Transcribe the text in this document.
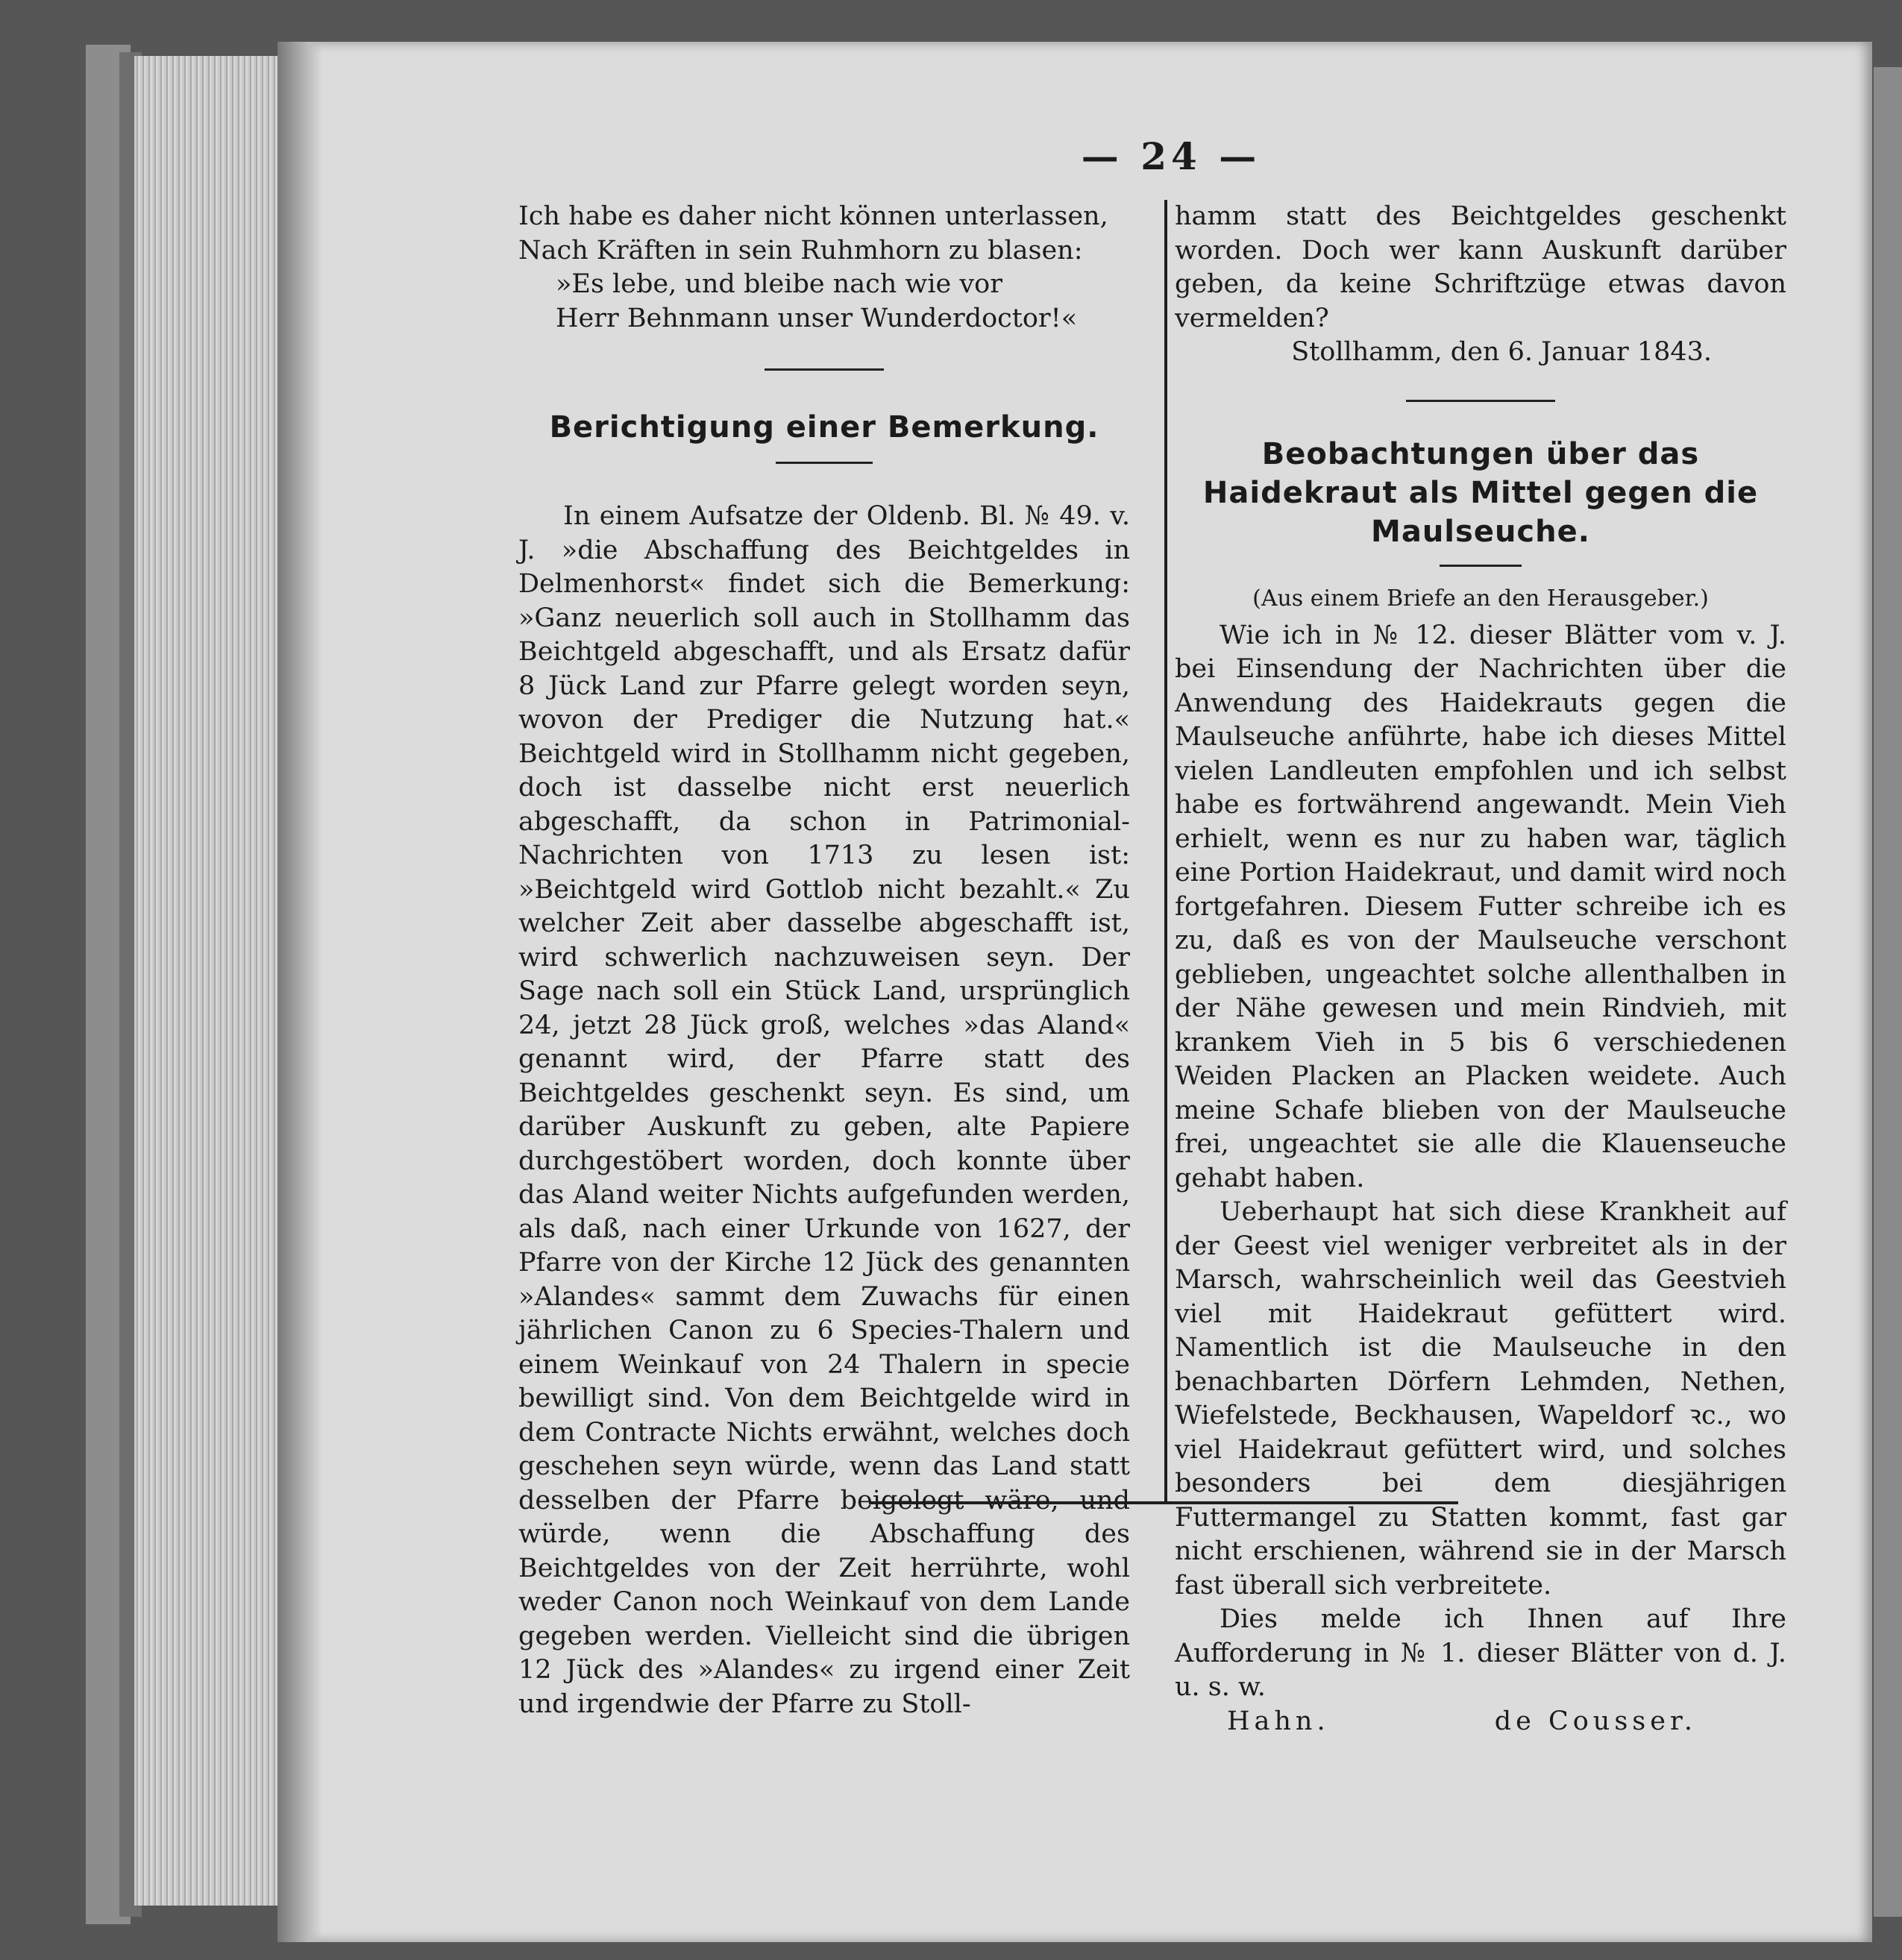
— 24 —
Ich habe es daher nicht können unterlassen,
Nach Kräften in sein Ruhmhorn zu blasen:
»Es lebe, und bleibe nach wie vor
Herr Behnmann unser Wunderdoctor!«
Berichtigung einer Bemerkung.

In einem Aufsatze der Oldenb. Bl. № 49. v. J. »die Abschaffung des Beichtgeldes in Delmenhorst« findet sich die Bemerkung: »Ganz neuerlich soll auch in Stollhamm das Beichtgeld abgeschafft, und als Ersatz dafür 8 Jück Land zur Pfarre gelegt worden seyn, wovon der Prediger die Nutzung hat.« Beichtgeld wird in Stollhamm nicht gegeben, doch ist dasselbe nicht erst neuerlich abgeschafft, da schon in Patrimonial-Nachrichten von 1713 zu lesen ist: »Beichtgeld wird Gottlob nicht bezahlt.« Zu welcher Zeit aber dasselbe abgeschafft ist, wird schwerlich nachzuweisen seyn. Der Sage nach soll ein Stück Land, ursprünglich 24, jetzt 28 Jück groß, welches »das Aland« genannt wird, der Pfarre statt des Beichtgeldes geschenkt seyn. Es sind, um darüber Auskunft zu geben, alte Papiere durchgestöbert worden, doch konnte über das Aland weiter Nichts aufgefunden werden, als daß, nach einer Urkunde von 1627, der Pfarre von der Kirche 12 Jück des genannten »Alandes« sammt dem Zuwachs für einen jährlichen Canon zu 6 Species-Thalern und einem Weinkauf von 24 Thalern in specie bewilligt sind. Von dem Beichtgelde wird in dem Contracte Nichts erwähnt, welches doch geschehen seyn würde, wenn das Land statt desselben der Pfarre beigelegt wäre, und würde, wenn die Abschaffung des Beichtgeldes von der Zeit herrührte, wohl weder Canon noch Weinkauf von dem Lande gegeben werden. Vielleicht sind die übrigen 12 Jück des »Alandes« zu irgend einer Zeit und irgendwie der Pfarre zu Stoll-

hamm statt des Beichtgeldes geschenkt worden. Doch wer kann Auskunft darüber geben, da keine Schriftzüge etwas davon vermelden?

Stollhamm, den 6. Januar 1843.

Beobachtungen über das Haidekraut als Mittel gegen die Maulseuche.

(Aus einem Briefe an den Herausgeber.)

Wie ich in № 12. dieser Blätter vom v. J. bei Einsendung der Nachrichten über die Anwendung des Haidekrauts gegen die Maulseuche anführte, habe ich dieses Mittel vielen Landleuten empfohlen und ich selbst habe es fortwährend angewandt. Mein Vieh erhielt, wenn es nur zu haben war, täglich eine Portion Haidekraut, und damit wird noch fortgefahren. Diesem Futter schreibe ich es zu, daß es von der Maulseuche verschont geblieben, ungeachtet solche allenthalben in der Nähe gewesen und mein Rindvieh, mit krankem Vieh in 5 bis 6 verschiedenen Weiden Placken an Placken weidete. Auch meine Schafe blieben von der Maulseuche frei, ungeachtet sie alle die Klauenseuche gehabt haben.

Ueberhaupt hat sich diese Krankheit auf der Geest viel weniger verbreitet als in der Marsch, wahrscheinlich weil das Geestvieh viel mit Haidekraut gefüttert wird. Namentlich ist die Maulseuche in den benachbarten Dörfern Lehmden, Nethen, Wiefelstede, Beckhausen, Wapeldorf ꝛc., wo viel Haidekraut gefüttert wird, und solches besonders bei dem diesjährigen Futtermangel zu Statten kommt, fast gar nicht erschienen, während sie in der Marsch fast überall sich verbreitete.

Dies melde ich Ihnen auf Ihre Aufforderung in № 1. dieser Blätter von d. J. u. s. w.

Hahn.	de Cousser.
